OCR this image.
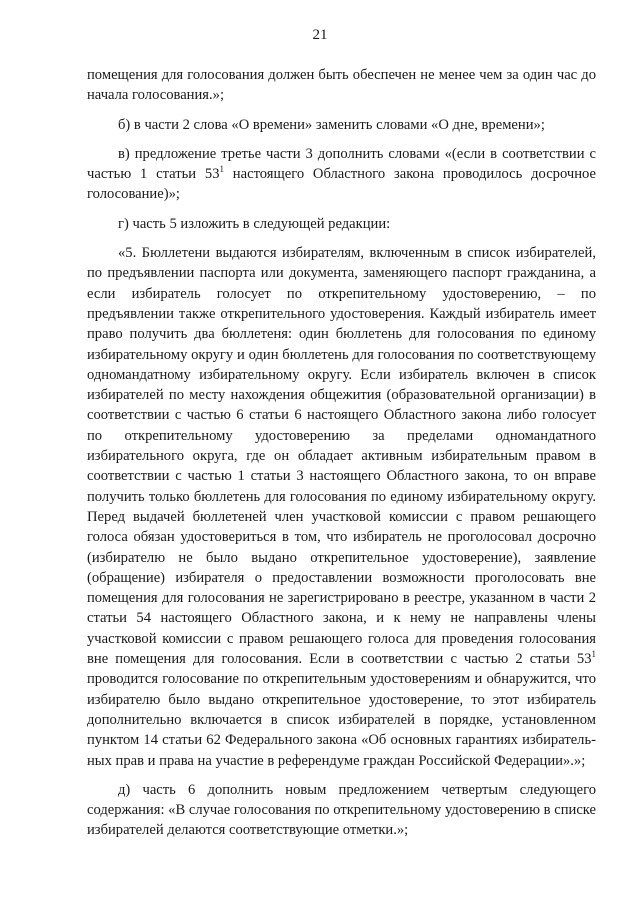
21

помещения для голосования должен быть обеспечен не менее чем за один час до начала голосования.»;

б) в части 2 слова «О времени» заменить словами «О дне, времени»;

в) предложение третье части 3 дополнить словами «(если в соответствии с частью 1 статьи $53^1$ настоящего Областного закона проводилось досрочное голосование)»;

г) часть 5 изложить в следующей редакции:

«5. Бюллетени выдаются избирателям, включенным в список избирателей, по предъявлении паспорта или документа, заменяющего паспорт гражданина, а если избиратель голосует по открепительному удостоверению, – по предъявлении также открепительного удостоверения. Каждый избиратель имеет право получить два бюллетеня: один бюллетень для голосования по единому избирательному округу и один бюллетень для голосования по соответствующему одномандатному избирательному округу. Если избиратель включен в список избирателей по месту нахождения общежития (образовательной организации) в соответствии с частью 6 статьи 6 настоящего Областного закона либо голосует по открепительному удостоверению за пределами одномандатного избирательного округа, где он обладает активным избирательным правом в соответствии с частью 1 статьи 3 настоящего Областного закона, то он вправе получить только бюллетень для голосования по единому избирательному округу. Перед выдачей бюллетеней член участковой комиссии с правом решающего голоса обязан удостовериться в том, что избиратель не проголосовал досрочно (избирателю не было выдано открепительное удостоверение), заявление (обращение) избирателя о предоставлении возможности проголосовать вне помещения для голосования не зарегистрировано в реестре, указанном в части 2 статьи 54 настоящего Областного закона, и к нему не направлены члены участковой комиссии с правом решающего голоса для проведения голосования вне помещения для голосования. Если в соответствии с частью 2 статьи $53^1$ проводится голосование по открепительным удостоверениям и обнаружится, что избирателю было выдано открепительное удостоверение, то этот избиратель дополнительно включается в список избирателей в порядке, установленном пунктом 14 статьи 62 Федерального закона «Об основных гарантиях избирательных прав и права на участие в референдуме граждан Российской Федерации».»;

д) часть 6 дополнить новым предложением четвертым следующего содержания: «В случае голосования по открепительному удостоверению в списке избирателей делаются соответствующие отметки.»;
